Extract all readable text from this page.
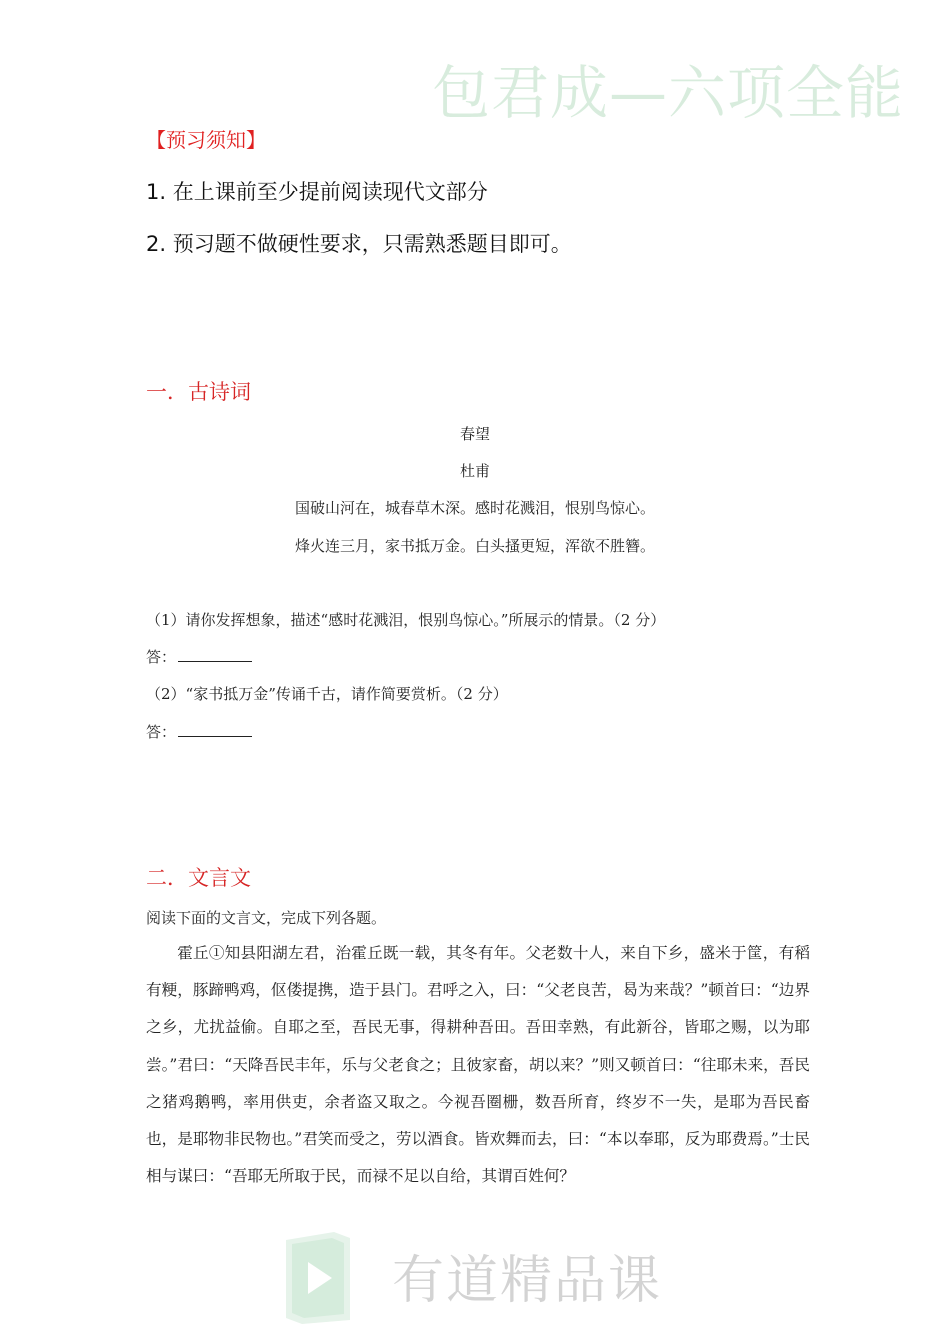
包君成—六项全能
【预习须知】
1. 在上课前至少提前阅读现代文部分
2. 预习题不做硬性要求，只需熟悉题目即可。
一．古诗词
春望
杜甫
国破山河在，城春草木深。感时花溅泪，恨别鸟惊心。
烽火连三月，家书抵万金。白头搔更短，浑欲不胜簪。
（1）请你发挥想象，描述“感时花溅泪，恨别鸟惊心。”所展示的情景。（2 分）
答：
（2）“家书抵万金”传诵千古，请作简要赏析。（2 分）
答：
二．文言文
阅读下面的文言文，完成下列各题。

霍丘①知县阳湖左君，治霍丘既一载，其冬有年。父老数十人，来自下乡，盛米于筐，有稻有粳，豚蹄鸭鸡，伛偻提携，造于县门。君呼之入，曰：“父老良苦，曷为来哉？”顿首曰：“边界之乡，尤扰益偷。自耶之至，吾民无事，得耕种吾田。吾田幸熟，有此新谷，皆耶之赐，以为耶尝。”君曰：“天降吾民丰年，乐与父老食之；且彼家畜，胡以来？”则又顿首曰：“往耶未来，吾民之猪鸡鹅鸭，率用供吏，余者盗又取之。今视吾圈栅，数吾所育，终岁不一失，是耶为吾民畜也，是耶物非民物也。”君笑而受之，劳以酒食。皆欢舞而去，曰：“本以奉耶，反为耶费焉。”士民相与谋曰：“吾耶无所取于民，而禄不足以自给，其谓百姓何？

有道精品课
